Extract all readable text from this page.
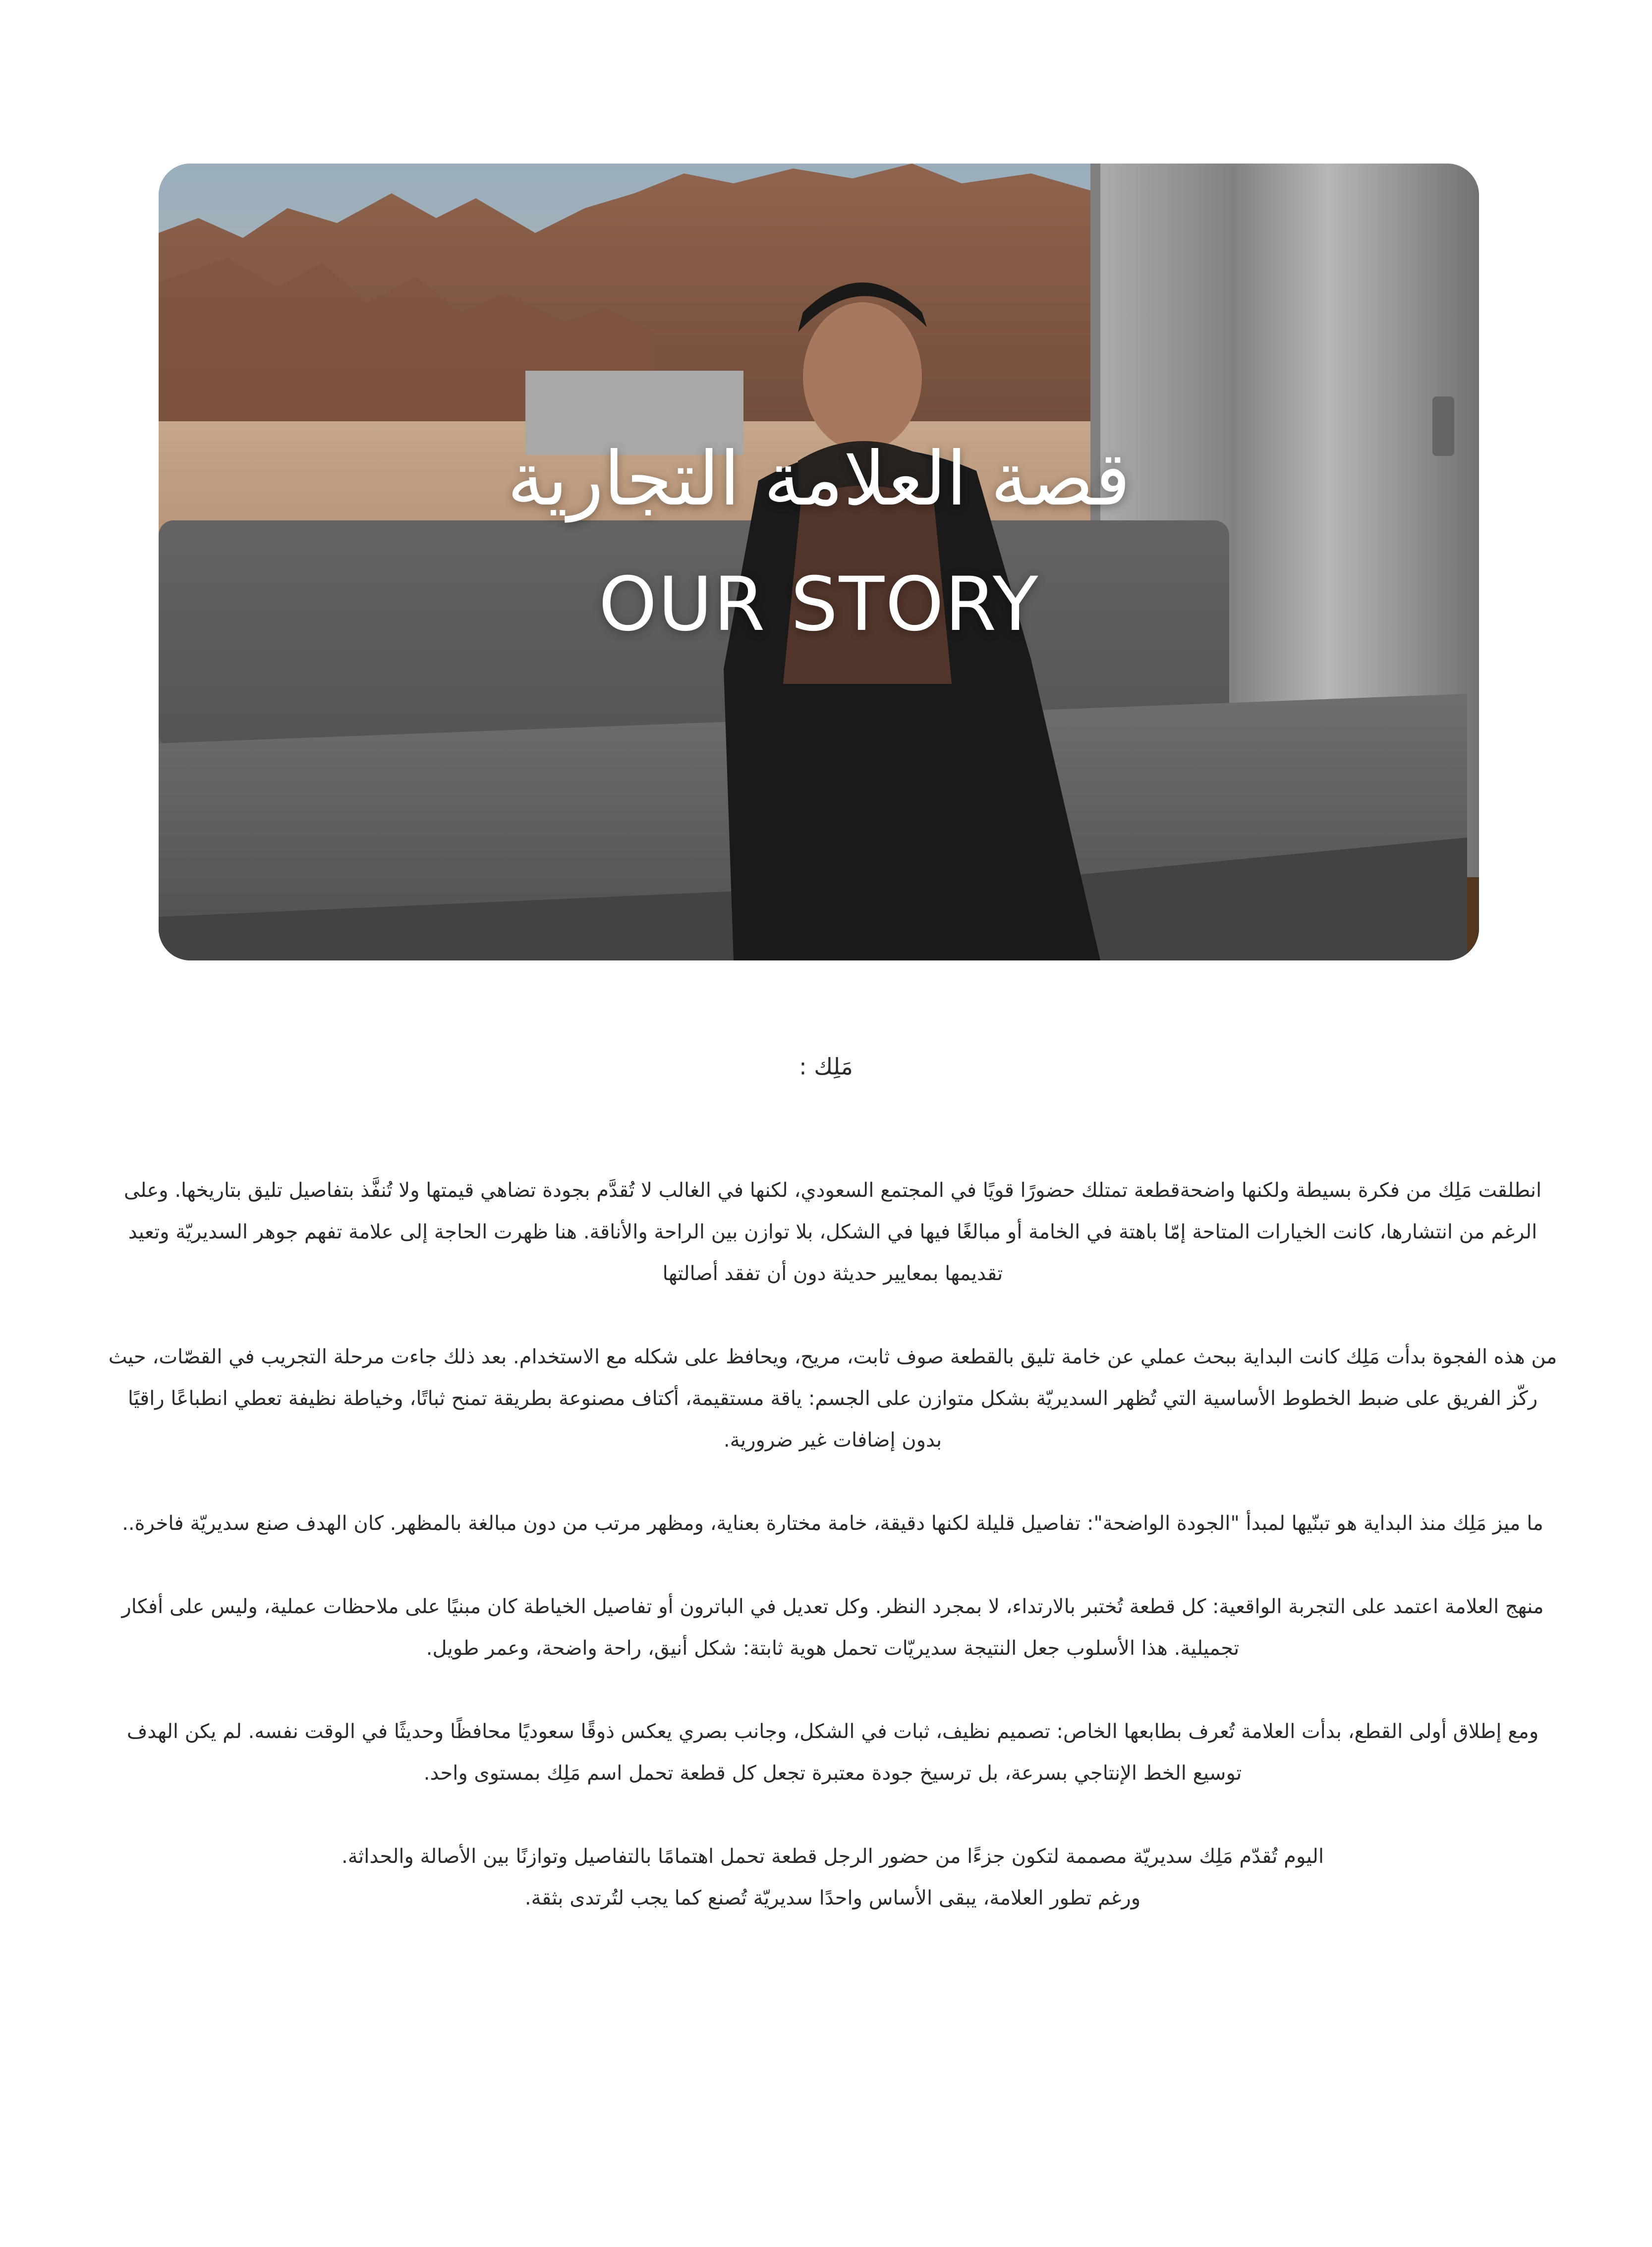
قصة العلامة التجارية
OUR STORY
مَلِك :

انطلقت مَلِك من فكرة بسيطة ولكنها واضحةقطعة تمتلك حضورًا قويًا في المجتمع السعودي، لكنها في الغالب لا تُقدَّم بجودة تضاهي قيمتها ولا تُنفَّذ بتفاصيل تليق بتاريخها. وعلى الرغم من انتشارها، كانت الخيارات المتاحة إمّا باهتة في الخامة أو مبالغًا فيها في الشكل، بلا توازن بين الراحة والأناقة. هنا ظهرت الحاجة إلى علامة تفهم جوهر السديريّة وتعيد تقديمها بمعايير حديثة دون أن تفقد أصالتها

من هذه الفجوة بدأت مَلِك كانت البداية ببحث عملي عن خامة تليق بالقطعة صوف ثابت، مريح، ويحافظ على شكله مع الاستخدام. بعد ذلك جاءت مرحلة التجريب في القصّات، حيث ركّز الفريق على ضبط الخطوط الأساسية التي تُظهر السديريّة بشكل متوازن على الجسم: ياقة مستقيمة، أكتاف مصنوعة بطريقة تمنح ثباتًا، وخياطة نظيفة تعطي انطباعًا راقيًا بدون إضافات غير ضرورية.

ما ميز مَلِك منذ البداية هو تبنّيها لمبدأ "الجودة الواضحة": تفاصيل قليلة لكنها دقيقة، خامة مختارة بعناية، ومظهر مرتب من دون مبالغة بالمظهر. كان الهدف صنع سديريّة فاخرة..

منهج العلامة اعتمد على التجربة الواقعية: كل قطعة تُختبر بالارتداء، لا بمجرد النظر. وكل تعديل في الباترون أو تفاصيل الخياطة كان مبنيًا على ملاحظات عملية، وليس على أفكار تجميلية. هذا الأسلوب جعل النتيجة سديريّات تحمل هوية ثابتة: شكل أنيق، راحة واضحة، وعمر طويل.

ومع إطلاق أولى القطع، بدأت العلامة تُعرف بطابعها الخاص: تصميم نظيف، ثبات في الشكل، وجانب بصري يعكس ذوقًا سعوديًا محافظًا وحديثًا في الوقت نفسه. لم يكن الهدف توسيع الخط الإنتاجي بسرعة، بل ترسيخ جودة معتبرة تجعل كل قطعة تحمل اسم مَلِك بمستوى واحد.

اليوم تُقدّم مَلِك سديريّة مصممة لتكون جزءًا من حضور الرجل قطعة تحمل اهتمامًا بالتفاصيل وتوازنًا بين الأصالة والحداثة.
ورغم تطور العلامة، يبقى الأساس واحدًا سديريّة تُصنع كما يجب لتُرتدى بثقة.
